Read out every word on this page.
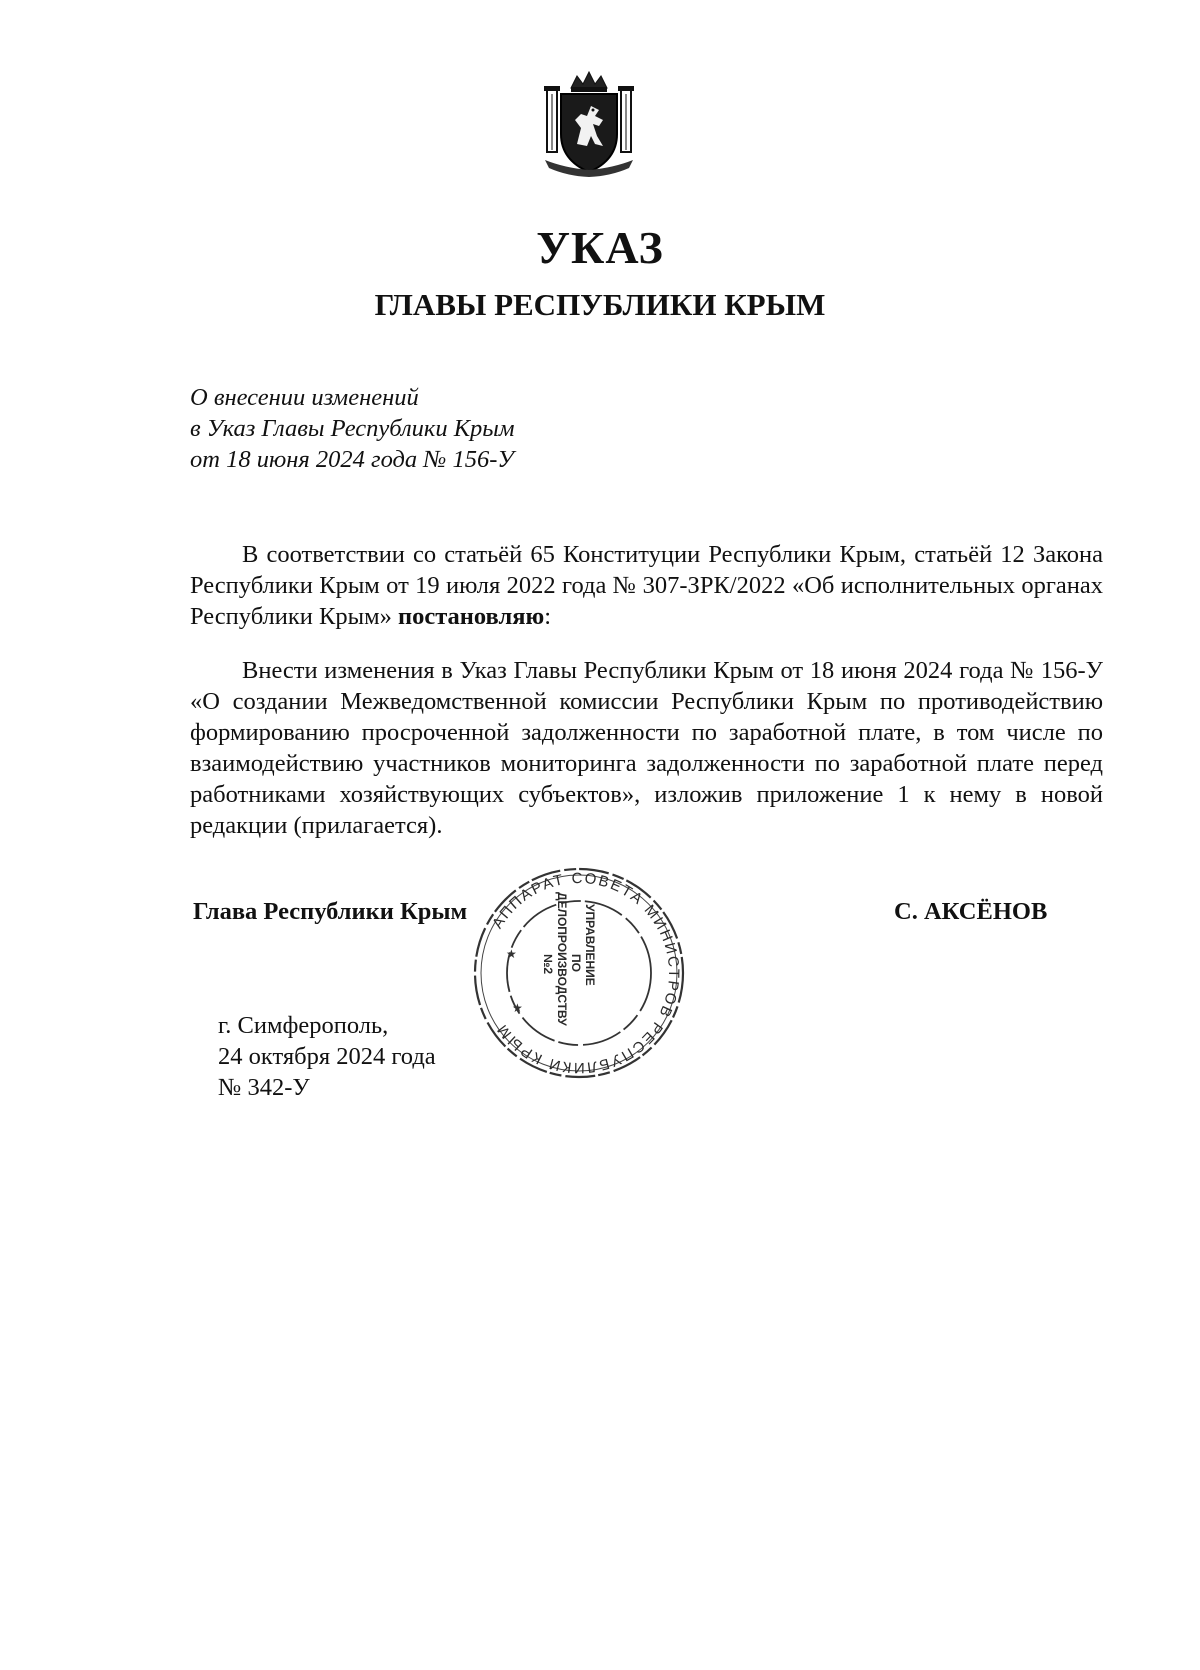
УКАЗ
ГЛАВЫ РЕСПУБЛИКИ КРЫМ
О внесении изменений
в Указ Главы Республики Крым
от 18 июня 2024 года № 156-У
В соответствии со статьёй 65 Конституции Республики Крым, статьёй 12 Закона Республики Крым от 19 июля 2022 года № 307-ЗРК/2022 «Об исполнительных органах Республики Крым» постановляю:
Внести изменения в Указ Главы Республики Крым от 18 июня 2024 года № 156-У «О создании Межведомственной комиссии Республики Крым по противодействию формированию просроченной задолженности по заработной плате, в том числе по взаимодействию участников мониторинга задолженности по заработной плате перед работниками хозяйствующих субъектов», изложив приложение 1 к нему в новой редакции (прилагается).
Глава Республики Крым	С. АКСЁНОВ
АППАРАТ СОВЕТА МИНИСТРОВ РЕСПУБЛИКИ КРЫМ
УПРАВЛЕНИЕ
ПО
ДЕЛОПРОИЗВОДСТВУ
№2
★
★
г. Симферополь,
24 октября 2024 года
№ 342-У
